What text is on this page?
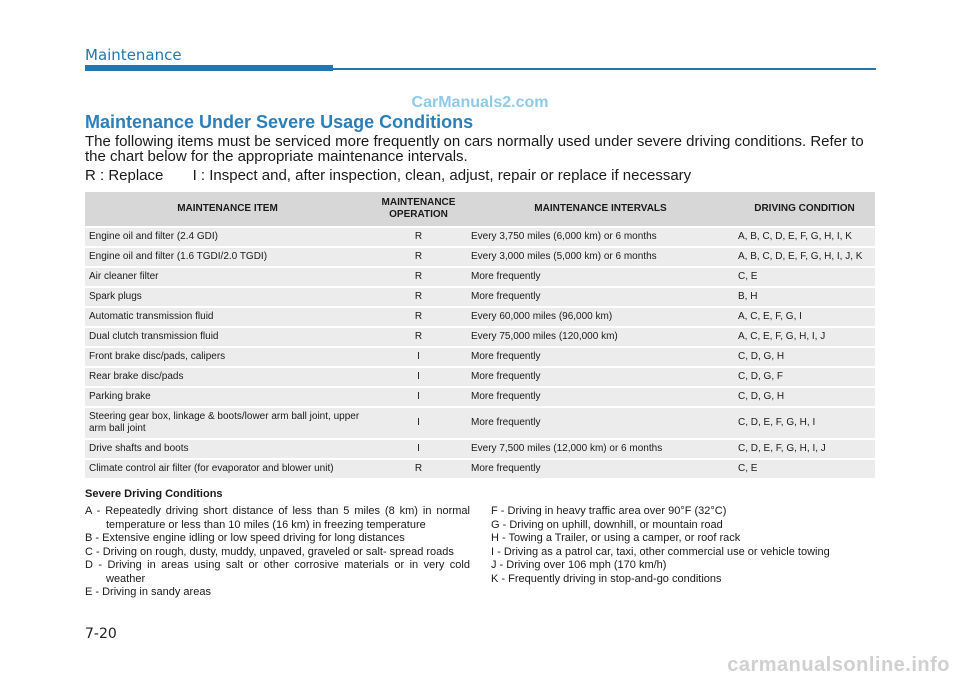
Maintenance
CarManuals2.com
Maintenance Under Severe Usage Conditions
The following items must be serviced more frequently on cars normally used under severe driving conditions. Refer to the chart below for the appropriate maintenance intervals.
R : Replace I : Inspect and, after inspection, clean, adjust, repair or replace if necessary
MAINTENANCE ITEM	MAINTENANCE OPERATION	MAINTENANCE INTERVALS	DRIVING CONDITION
Engine oil and filter (2.4 GDI)	R	Every 3,750 miles (6,000 km) or 6 months	A, B, C, D, E, F, G, H, I, K
Engine oil and filter (1.6 TGDI/2.0 TGDI)	R	Every 3,000 miles (5,000 km) or 6 months	A, B, C, D, E, F, G, H, I, J, K
Air cleaner filter	R	More frequently	C, E
Spark plugs	R	More frequently	B, H
Automatic transmission fluid	R	Every 60,000 miles (96,000 km)	A, C, E, F, G, I
Dual clutch transmission fluid	R	Every 75,000 miles (120,000 km)	A, C, E, F, G, H, I, J
Front brake disc/pads, calipers	I	More frequently	C, D, G, H
Rear brake disc/pads	I	More frequently	C, D, G, F
Parking brake	I	More frequently	C, D, G, H
Steering gear box, linkage & boots/lower arm ball joint, upper arm ball joint	I	More frequently	C, D, E, F, G, H, I
Drive shafts and boots	I	Every 7,500 miles (12,000 km) or 6 months	C, D, E, F, G, H, I, J
Climate control air filter (for evaporator and blower unit)	R	More frequently	C, E
Severe Driving Conditions
A - Repeatedly driving short distance of less than 5 miles (8 km) in normal temperature or less than 10 miles (16 km) in freezing temperature
B - Extensive engine idling or low speed driving for long distances
C - Driving on rough, dusty, muddy, unpaved, graveled or salt- spread roads
D - Driving in areas using salt or other corrosive materials or in very cold weather
E - Driving in sandy areas
F - Driving in heavy traffic area over 90°F (32°C)
G - Driving on uphill, downhill, or mountain road
H - Towing a Trailer, or using a camper, or roof rack
I - Driving as a patrol car, taxi, other commercial use or vehicle towing
J - Driving over 106 mph (170 km/h)
K - Frequently driving in stop-and-go conditions
7-20
carmanualsonline.info
